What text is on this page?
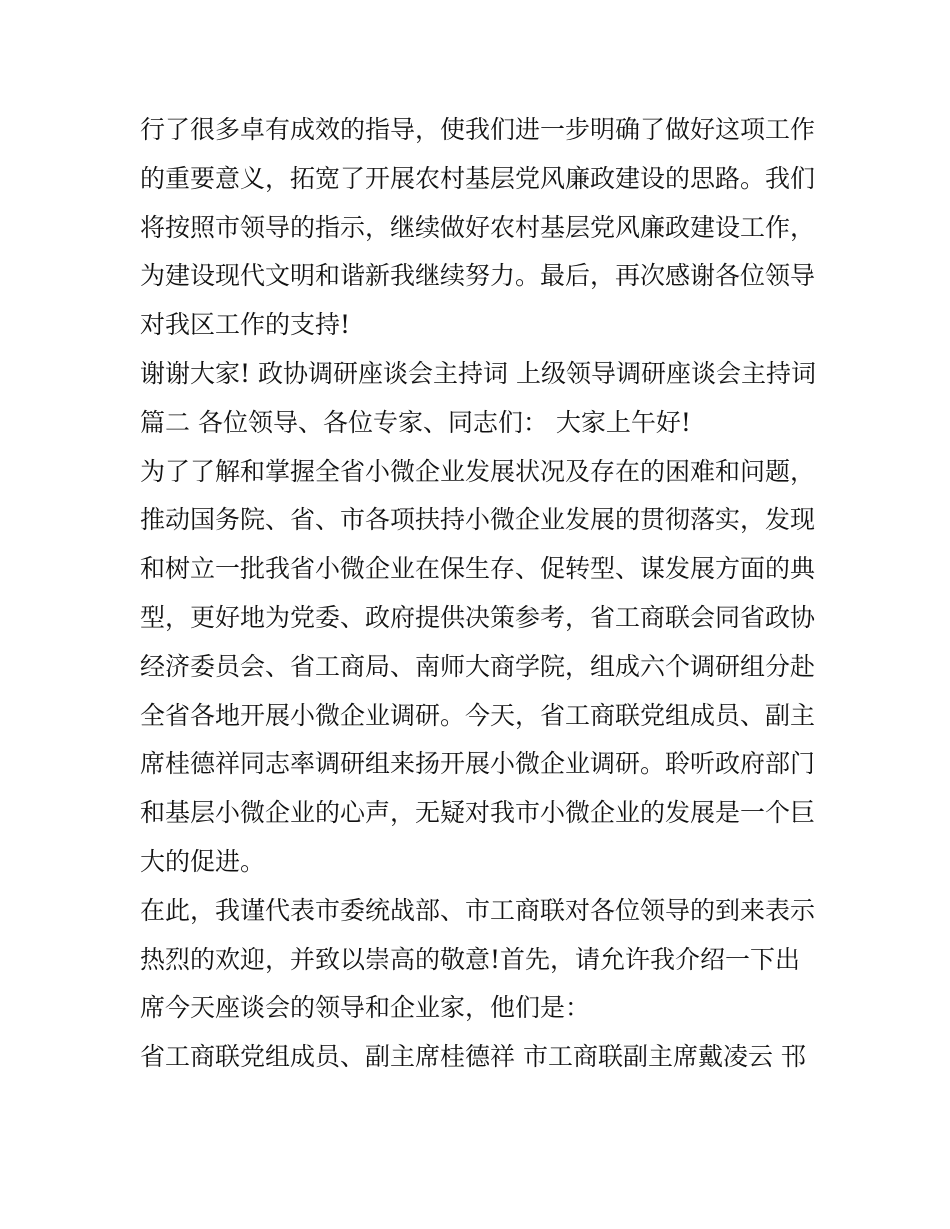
行了很多卓有成效的指导，使我们进一步明确了做好这项工作
的重要意义，拓宽了开展农村基层党风廉政建设的思路。我们
将按照市领导的指示，继续做好农村基层党风廉政建设工作，
为建设现代文明和谐新我继续努力。最后，再次感谢各位领导
对我区工作的支持!
谢谢大家! 政协调研座谈会主持词 上级领导调研座谈会主持词
篇二 各位领导、各位专家、同志们： 大家上午好!
为了了解和掌握全省小微企业发展状况及存在的困难和问题，
推动国务院、省、市各项扶持小微企业发展的贯彻落实，发现
和树立一批我省小微企业在保生存、促转型、谋发展方面的典
型，更好地为党委、政府提供决策参考，省工商联会同省政协
经济委员会、省工商局、南师大商学院，组成六个调研组分赴
全省各地开展小微企业调研。今天，省工商联党组成员、副主
席桂德祥同志率调研组来扬开展小微企业调研。聆听政府部门
和基层小微企业的心声，无疑对我市小微企业的发展是一个巨
大的促进。
在此，我谨代表市委统战部、市工商联对各位领导的到来表示
热烈的欢迎，并致以崇高的敬意!首先，请允许我介绍一下出
席今天座谈会的领导和企业家，他们是：
省工商联党组成员、副主席桂德祥 市工商联副主席戴凌云 邗
